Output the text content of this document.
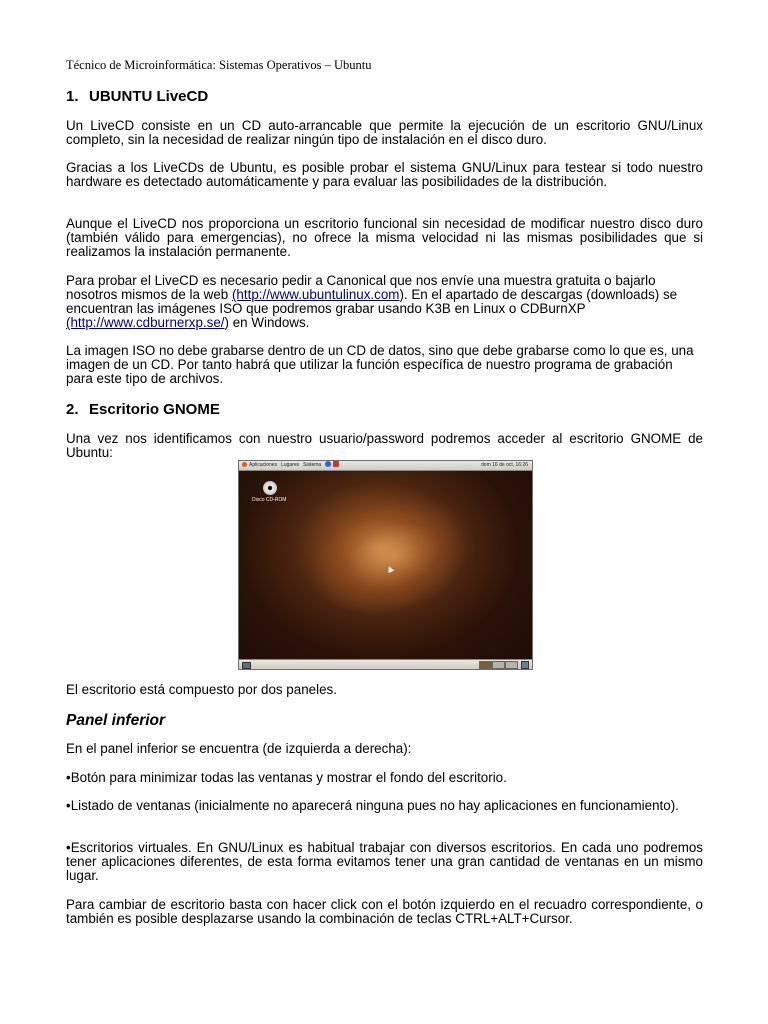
Técnico de Microinformática: Sistemas Operativos – Ubuntu
1. UBUNTU LiveCD

Un LiveCD consiste en un CD auto-arrancable que permite la ejecución de un escritorio GNU/Linux completo, sin la necesidad de realizar ningún tipo de instalación en el disco duro.

Gracias a los LiveCDs de Ubuntu, es posible probar el sistema GNU/Linux para testear si todo nuestro hardware es detectado automáticamente y para evaluar las posibilidades de la distribución.

Aunque el LiveCD nos proporciona un escritorio funcional sin necesidad de modificar nuestro disco duro (también válido para emergencias), no ofrece la misma velocidad ni las mismas posibilidades que si realizamos la instalación permanente.

Para probar el LiveCD es necesario pedir a Canonical que nos envíe una muestra gratuita o bajarlo nosotros mismos de la web (http://www.ubuntulinux.com). En el apartado de descargas (downloads) se encuentran las imágenes ISO que podremos grabar usando K3B en Linux o CDBurnXP (http://www.cdburnerxp.se/) en Windows.

La imagen ISO no debe grabarse dentro de un CD de datos, sino que debe grabarse como lo que es, una imagen de un CD. Por tanto habrá que utilizar la función específica de nuestro programa de grabación para este tipo de archivos.

2. Escritorio GNOME

Una vez nos identificamos con nuestro usuario/password podremos acceder al escritorio GNOME de Ubuntu:

Aplicaciones Lugares Sistema	dom 16 de oct, 16:26
Disco CD-ROM

El escritorio está compuesto por dos paneles.

Panel inferior

En el panel inferior se encuentra (de izquierda a derecha):

•Botón para minimizar todas las ventanas y mostrar el fondo del escritorio.

•Listado de ventanas (inicialmente no aparecerá ninguna pues no hay aplicaciones en funcionamiento).

•Escritorios virtuales. En GNU/Linux es habitual trabajar con diversos escritorios. En cada uno podremos tener aplicaciones diferentes, de esta forma evitamos tener una gran cantidad de ventanas en un mismo lugar.

Para cambiar de escritorio basta con hacer click con el botón izquierdo en el recuadro correspondiente, o también es posible desplazarse usando la combinación de teclas CTRL+ALT+Cursor.
